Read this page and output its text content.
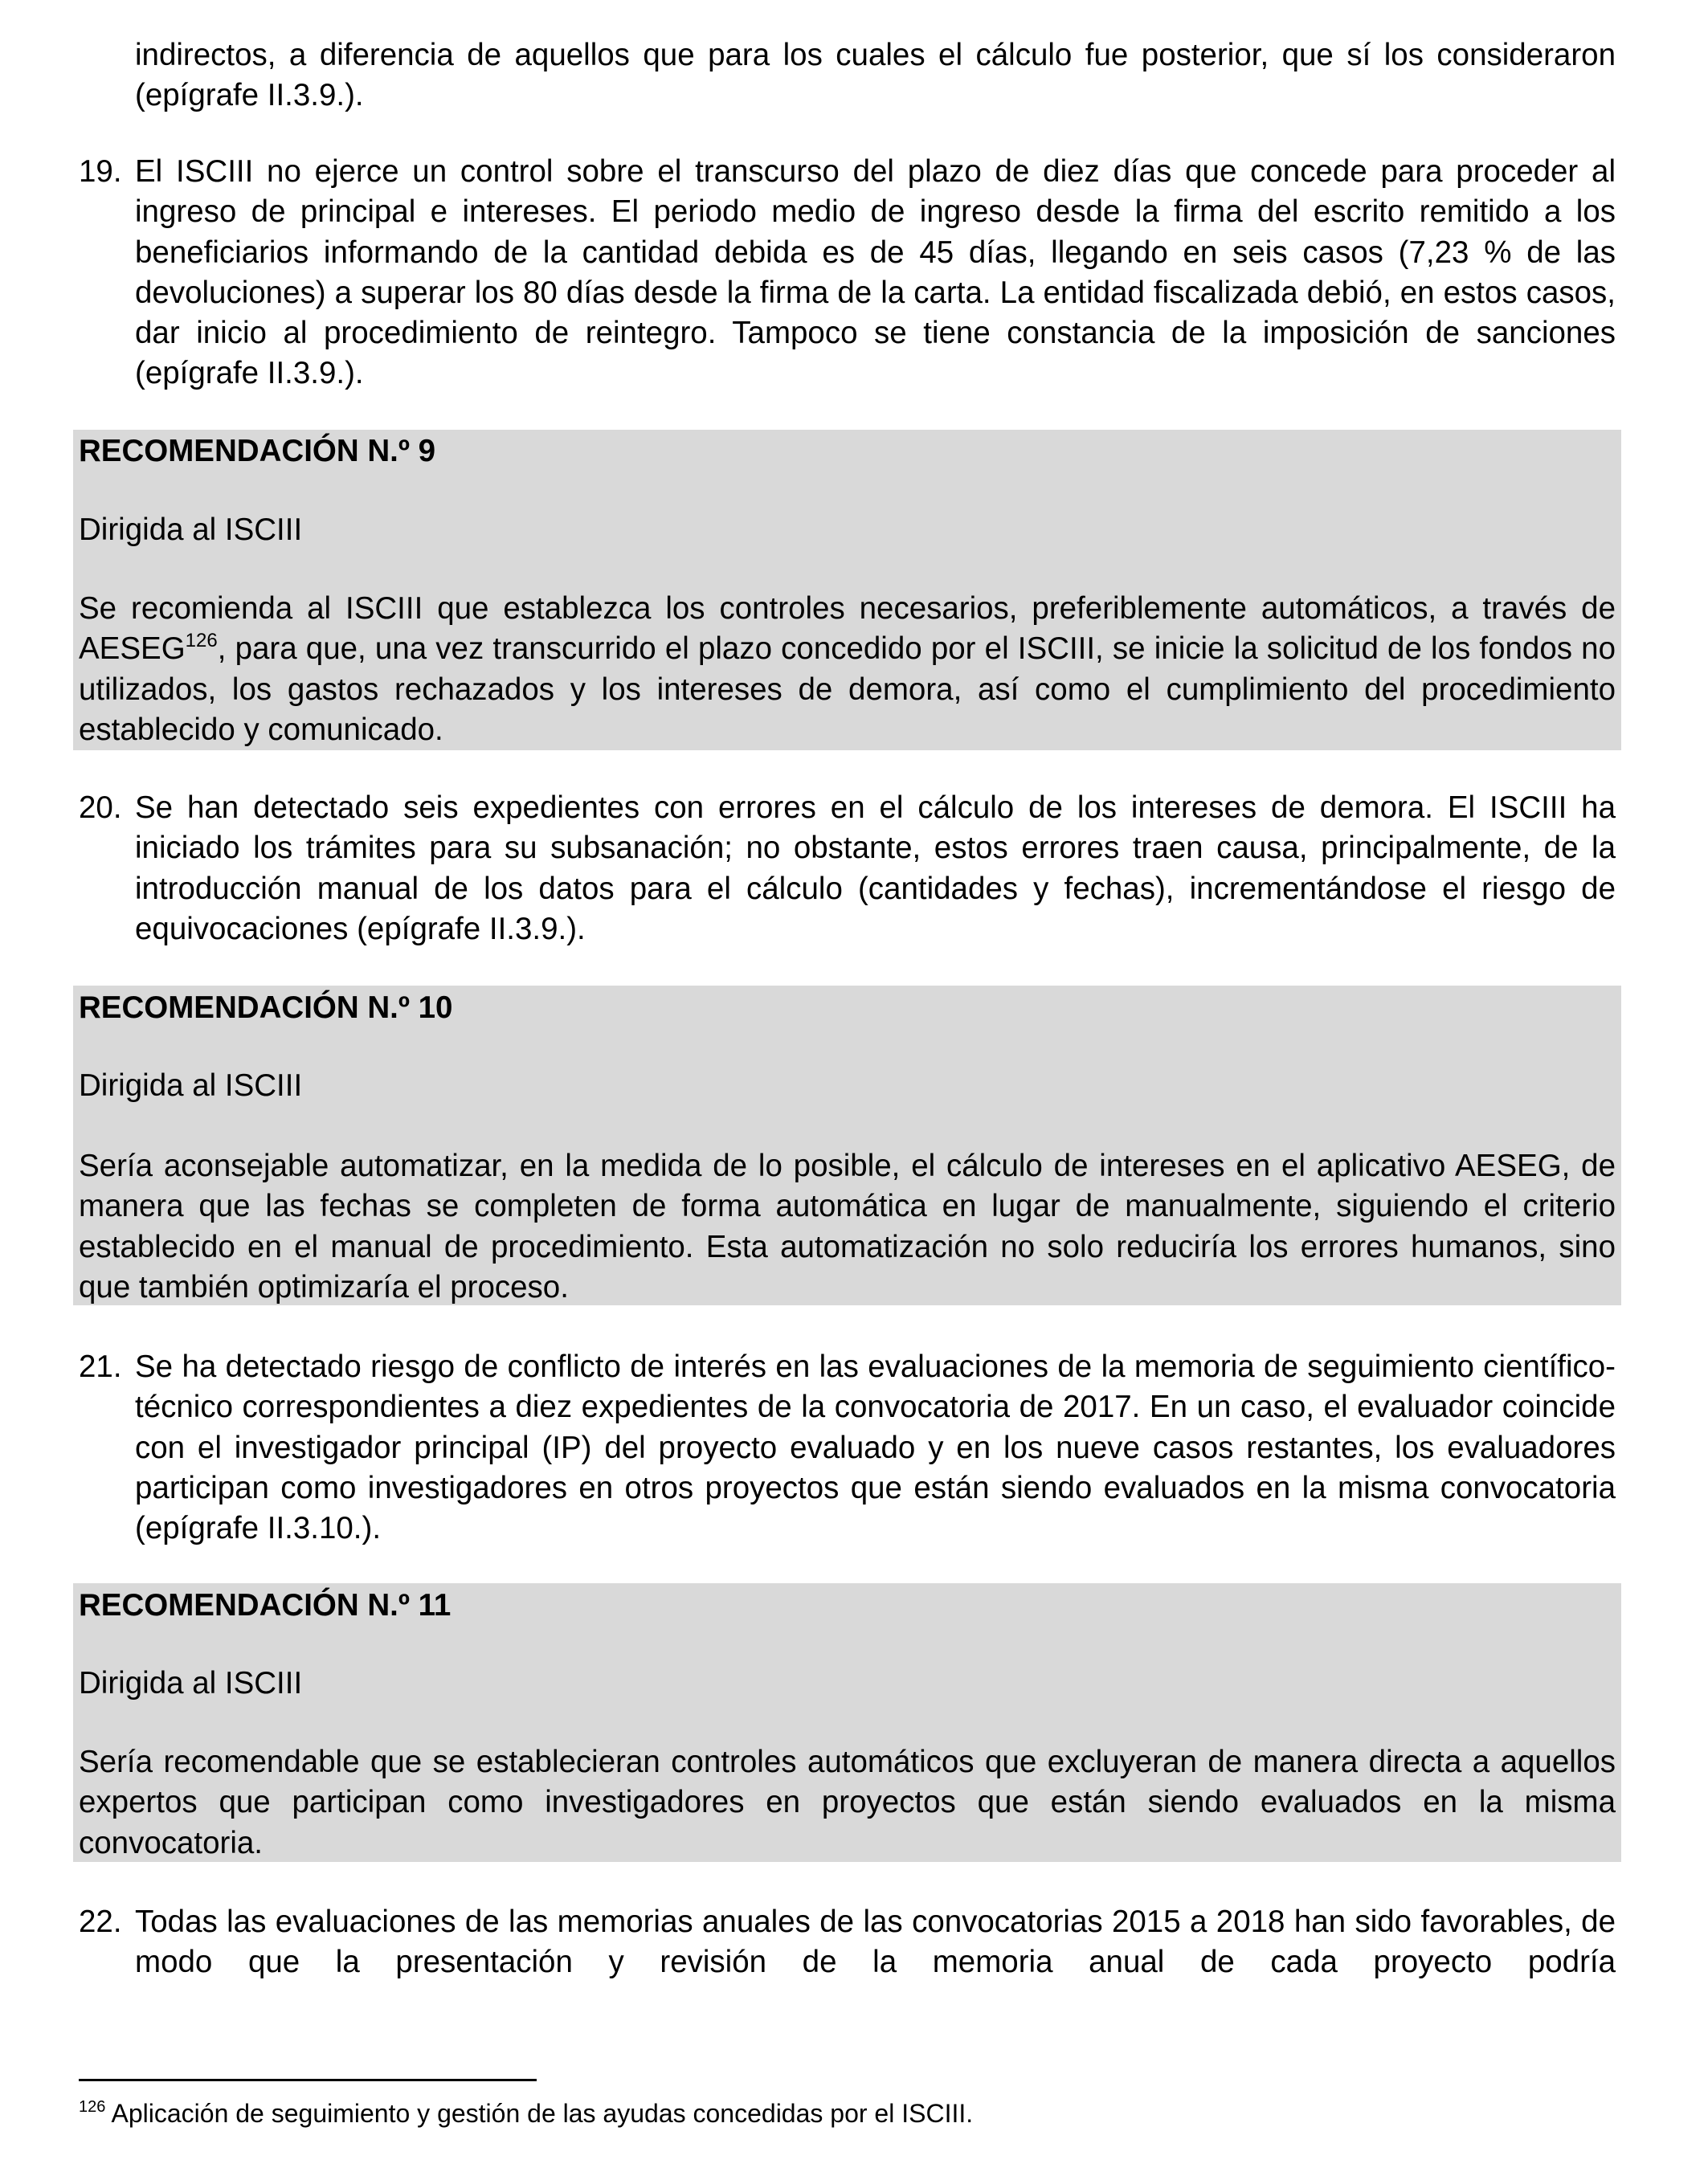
indirectos, a diferencia de aquellos que para los cuales el cálculo fue posterior, que sí los consideraron (epígrafe II.3.9.).
19. El ISCIII no ejerce un control sobre el transcurso del plazo de diez días que concede para proceder al ingreso de principal e intereses. El periodo medio de ingreso desde la firma del escrito remitido a los beneficiarios informando de la cantidad debida es de 45 días, llegando en seis casos (7,23 % de las devoluciones) a superar los 80 días desde la firma de la carta. La entidad fiscalizada debió, en estos casos, dar inicio al procedimiento de reintegro. Tampoco se tiene constancia de la imposición de sanciones (epígrafe II.3.9.).
RECOMENDACIÓN N.º 9
Dirigida al ISCIII
Se recomienda al ISCIII que establezca los controles necesarios, preferiblemente automáticos, a través de AESEG$^{126}$, para que, una vez transcurrido el plazo concedido por el ISCIII, se inicie la solicitud de los fondos no utilizados, los gastos rechazados y los intereses de demora, así como el cumplimiento del procedimiento establecido y comunicado.
20. Se han detectado seis expedientes con errores en el cálculo de los intereses de demora. El ISCIII ha iniciado los trámites para su subsanación; no obstante, estos errores traen causa, principalmente, de la introducción manual de los datos para el cálculo (cantidades y fechas), incrementándose el riesgo de equivocaciones (epígrafe II.3.9.).
RECOMENDACIÓN N.º 10
Dirigida al ISCIII
Sería aconsejable automatizar, en la medida de lo posible, el cálculo de intereses en el aplicativo AESEG, de manera que las fechas se completen de forma automática en lugar de manualmente, siguiendo el criterio establecido en el manual de procedimiento. Esta automatización no solo reduciría los errores humanos, sino que también optimizaría el proceso.
21. Se ha detectado riesgo de conflicto de interés en las evaluaciones de la memoria de seguimiento científico-técnico correspondientes a diez expedientes de la convocatoria de 2017. En un caso, el evaluador coincide con el investigador principal (IP) del proyecto evaluado y en los nueve casos restantes, los evaluadores participan como investigadores en otros proyectos que están siendo evaluados en la misma convocatoria (epígrafe II.3.10.).
RECOMENDACIÓN N.º 11
Dirigida al ISCIII
Sería recomendable que se establecieran controles automáticos que excluyeran de manera directa a aquellos expertos que participan como investigadores en proyectos que están siendo evaluados en la misma convocatoria.
22. Todas las evaluaciones de las memorias anuales de las convocatorias 2015 a 2018 han sido favorables, de modo que la presentación y revisión de la memoria anual de cada proyecto podría
$^{126}$ Aplicación de seguimiento y gestión de las ayudas concedidas por el ISCIII.
